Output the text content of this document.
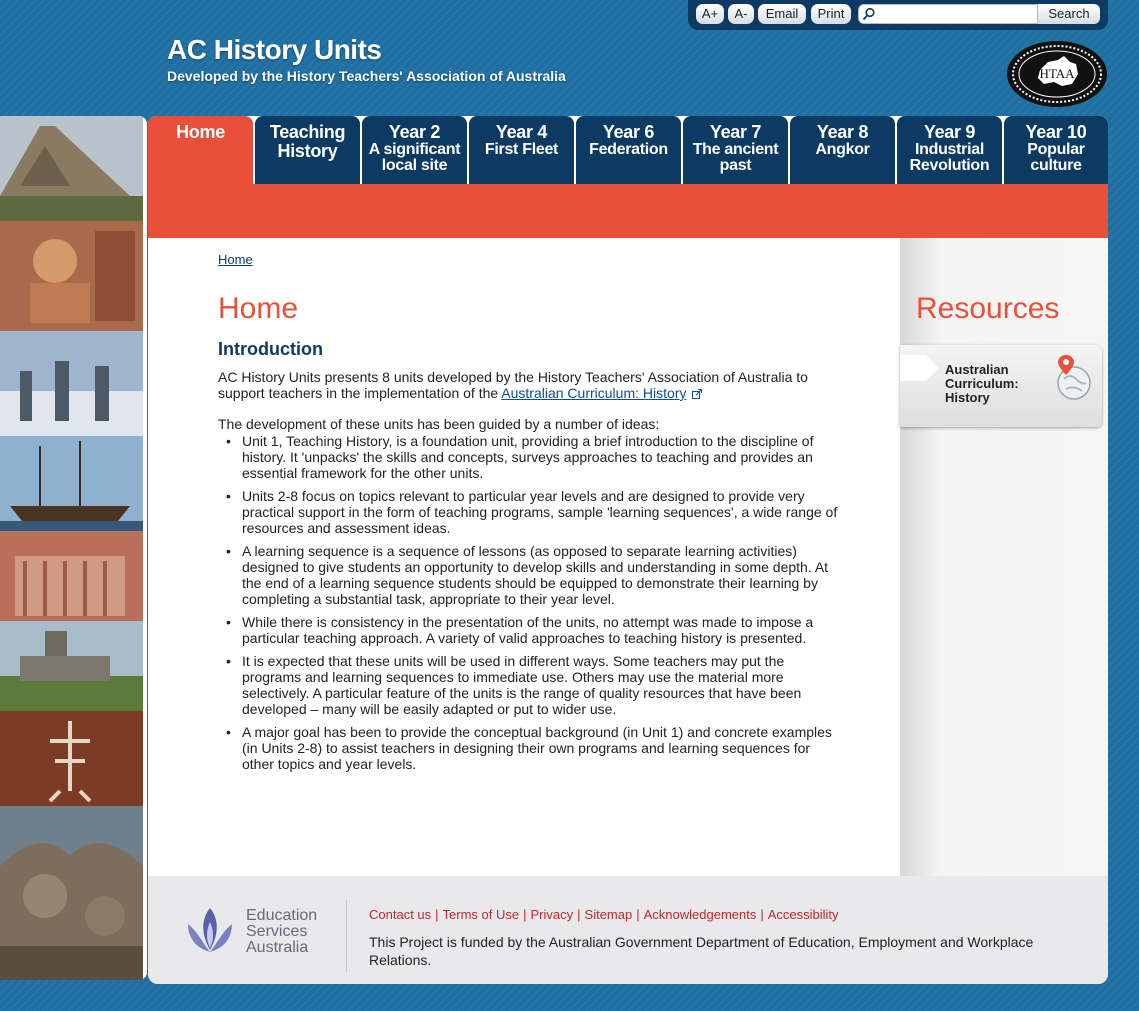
A+	A-	Email	Print	Search
AC History Units
Developed by the History Teachers' Association of Australia	HTAA
Home	Teaching
History
Year 2
A significant local site
Year 4
First Fleet
Year 6
Federation
Year 7
The ancient past
Year 8
Angkor
Year 9
Industrial Revolution
Year 10
Popular culture
Home
Home
Introduction

AC History Units presents 8 units developed by the History Teachers' Association of Australia to support teachers in the implementation of the Australian Curriculum: History

The development of these units has been guided by a number of ideas:

• Unit 1, Teaching History, is a foundation unit, providing a brief introduction to the discipline of history. It 'unpacks' the skills and concepts, surveys approaches to teaching and provides an essential framework for the other units.
• Units 2-8 focus on topics relevant to particular year levels and are designed to provide very practical support in the form of teaching programs, sample 'learning sequences', a wide range of resources and assessment ideas.
• A learning sequence is a sequence of lessons (as opposed to separate learning activities) designed to give students an opportunity to develop skills and understanding in some depth. At the end of a learning sequence students should be equipped to demonstrate their learning by completing a substantial task, appropriate to their year level.
• While there is consistency in the presentation of the units, no attempt was made to impose a particular teaching approach. A variety of valid approaches to teaching history is presented.
• It is expected that these units will be used in different ways. Some teachers may put the programs and learning sequences to immediate use. Others may use the material more selectively. A particular feature of the units is the range of quality resources that have been developed – many will be easily adapted or put to wider use.
• A major goal has been to provide the conceptual background (in Unit 1) and concrete examples (in Units 2-8) to assist teachers in designing their own programs and learning sequences for other topics and year levels.
Resources
Australian Curriculum: History
Education
Services
Australia
Contact us | Terms of Use | Privacy | Sitemap | Acknowledgements | Accessibility
This Project is funded by the Australian Government Department of Education, Employment and Workplace Relations.
